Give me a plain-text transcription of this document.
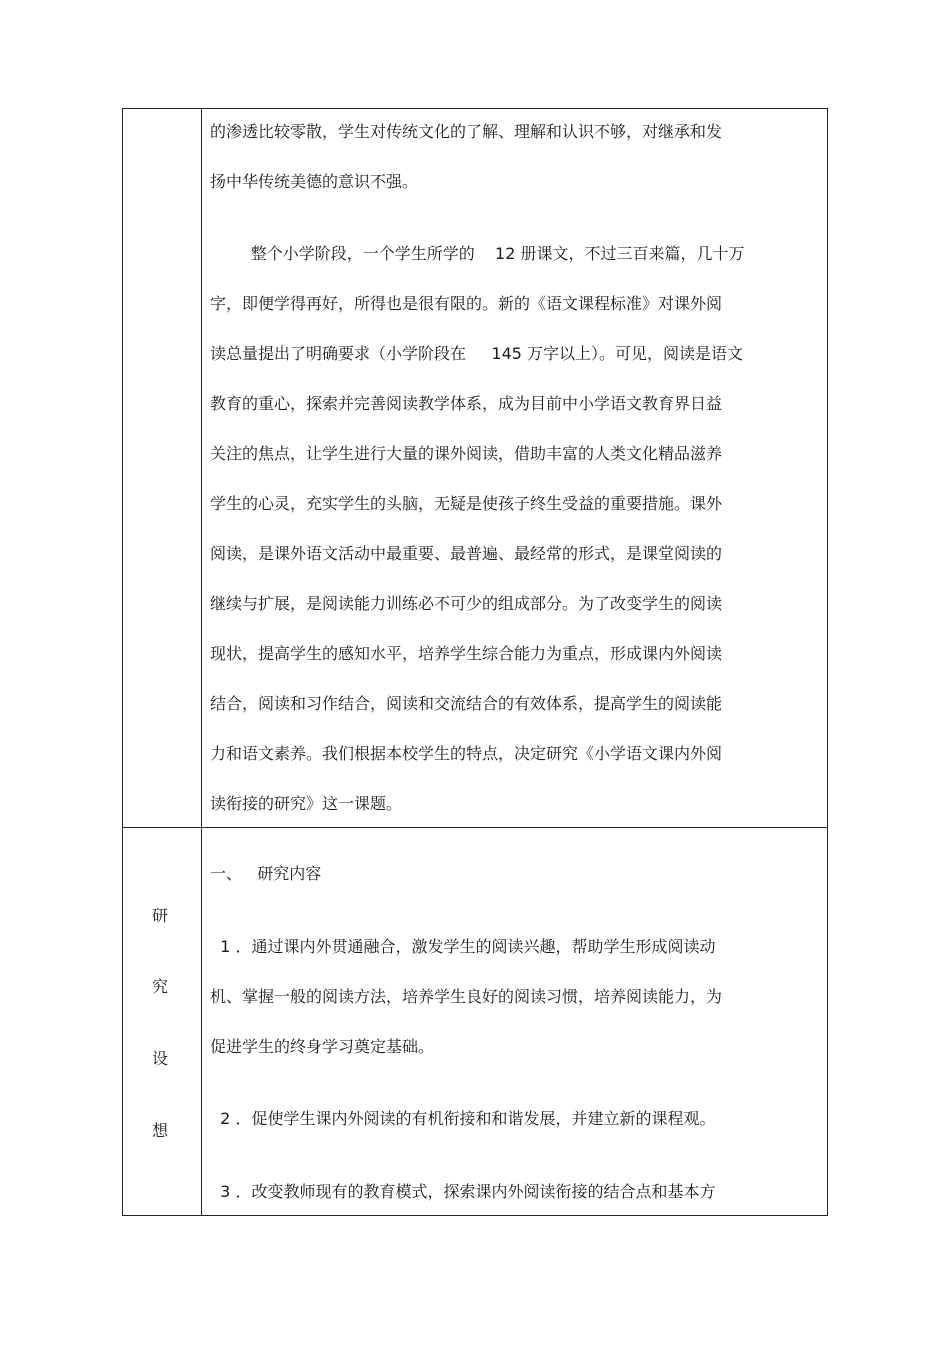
的渗透比较零散，学生对传统文化的了解、理解和认识不够，对继承和发
扬中华传统美德的意识不强。
整个小学阶段，一个学生所学的    12 册课文，不过三百来篇，几十万
字，即便学得再好，所得也是很有限的。新的《语文课程标准》对课外阅
读总量提出了明确要求（小学阶段在     145 万字以上）。可见，阅读是语文
教育的重心，探索并完善阅读教学体系，成为目前中小学语文教育界日益
关注的焦点，让学生进行大量的课外阅读，借助丰富的人类文化精品滋养
学生的心灵，充实学生的头脑，无疑是使孩子终生受益的重要措施。课外
阅读，是课外语文活动中最重要、最普遍、最经常的形式，是课堂阅读的
继续与扩展，是阅读能力训练必不可少的组成部分。为了改变学生的阅读
现状，提高学生的感知水平，培养学生综合能力为重点，形成课内外阅读
结合，阅读和习作结合，阅读和交流结合的有效体系，提高学生的阅读能
力和语文素养。我们根据本校学生的特点，决定研究《小学语文课内外阅
读衔接的研究》这一课题。
研
究
设
想
一、   研究内容
1 ．通过课内外贯通融合，激发学生的阅读兴趣，帮助学生形成阅读动
机、掌握一般的阅读方法，培养学生良好的阅读习惯，培养阅读能力，为
促进学生的终身学习奠定基础。
2 ．促使学生课内外阅读的有机衔接和和谐发展，并建立新的课程观。
3 ．改变教师现有的教育模式，探索课内外阅读衔接的结合点和基本方
